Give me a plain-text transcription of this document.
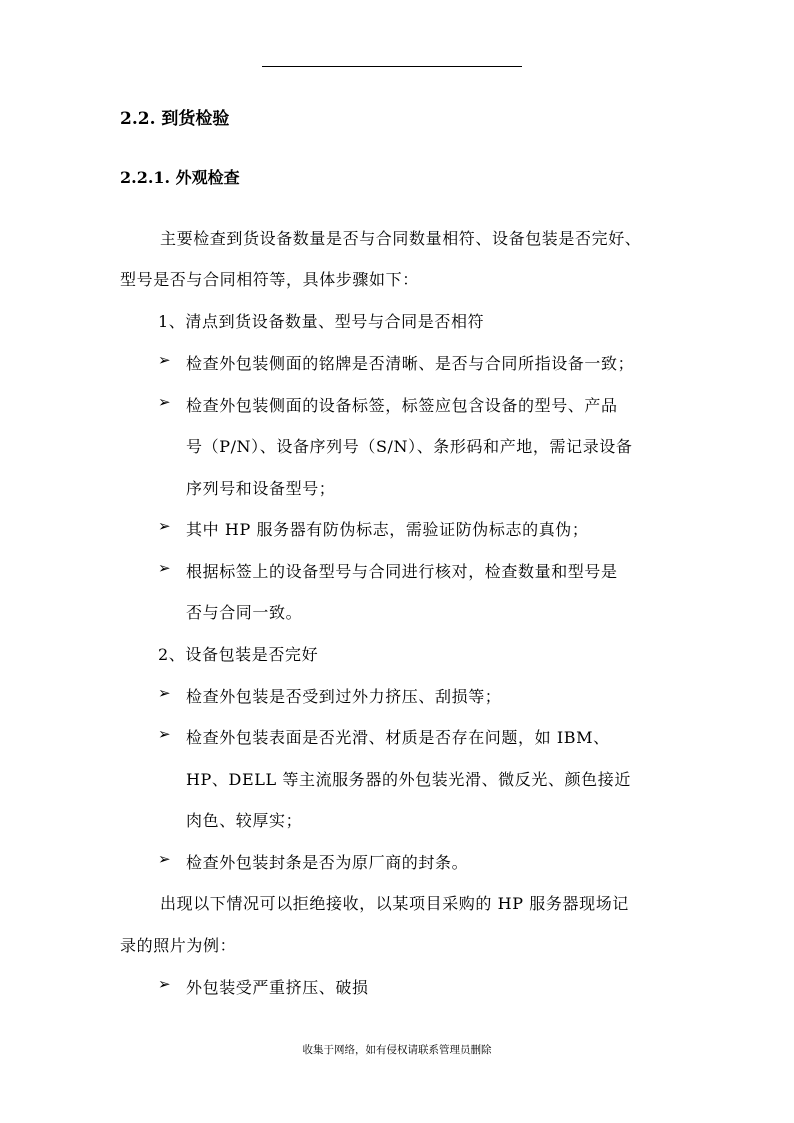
2.2. 到货检验
2.2.1. 外观检查
主要检查到货设备数量是否与合同数量相符、设备包装是否完好、
型号是否与合同相符等，具体步骤如下：
1、清点到货设备数量、型号与合同是否相符
➢ 检查外包装侧面的铭牌是否清晰、是否与合同所指设备一致；
➢ 检查外包装侧面的设备标签，标签应包含设备的型号、产品
号（P/N）、设备序列号（S/N）、条形码和产地，需记录设备
序列号和设备型号；
➢ 其中 HP 服务器有防伪标志，需验证防伪标志的真伪；
➢ 根据标签上的设备型号与合同进行核对，检查数量和型号是
否与合同一致。
2、设备包装是否完好
➢ 检查外包装是否受到过外力挤压、刮损等；
➢ 检查外包装表面是否光滑、材质是否存在问题，如 IBM、
HP、DELL 等主流服务器的外包装光滑、微反光、颜色接近
肉色、较厚实；
➢ 检查外包装封条是否为原厂商的封条。
出现以下情况可以拒绝接收，以某项目采购的 HP 服务器现场记
录的照片为例：
➢ 外包装受严重挤压、破损
收集于网络，如有侵权请联系管理员删除
